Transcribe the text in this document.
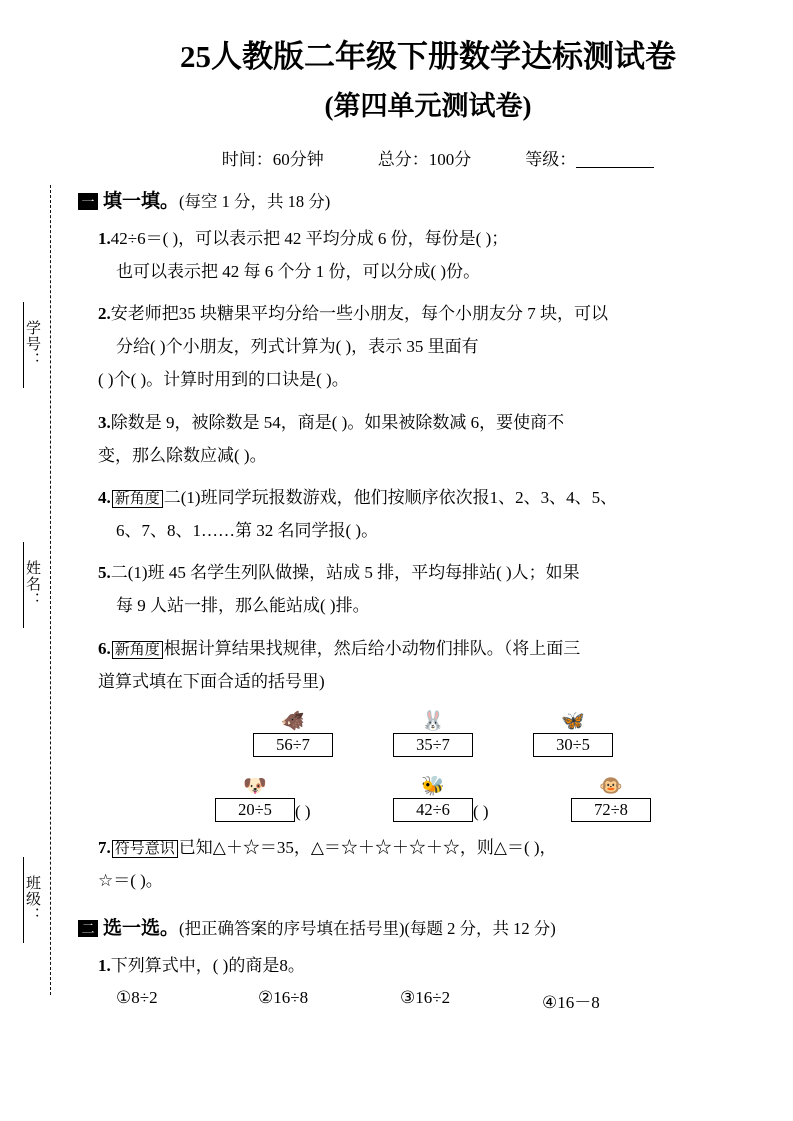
学号：
姓名：
班级：
25人教版二年级下册数学达标测试卷
(第四单元测试卷)
时间：60分钟	总分：100分	等级：
一 填一填。 (每空 1 分，共 18 分)
1.42÷6＝( )，可以表示把 42 平均分成 6 份，每份是( )；
也可以表示把 42 每 6 个分 1 份，可以分成( )份。
2.安老师把35 块糖果平均分给一些小朋友，每个小朋友分 7 块，可以
分给( )个小朋友，列式计算为( )，表示 35 里面有
( )个( )。计算时用到的口诀是( )。
3.除数是 9，被除数是 54，商是( )。如果被除数减 6，要使商不
变，那么除数应减( )。
4. 新角度 二(1)班同学玩报数游戏，他们按顺序依次报1、2、3、4、5、
6、7、8、1……第 32 名同学报( )。
5.二(1)班 45 名学生列队做操，站成 5 排，平均每排站( )人；如果
每 9 人站一排，那么能站成( )排。
6. 新角度 根据计算结果找规律，然后给小动物们排队。（将上面三
道算式填在下面合适的括号里)
🐗
56÷7
🐰
35÷7
🦋
30÷5
🐶
20÷5	( )
🐝
42÷6	( )
🐵
72÷8
7. 符号意识 已知△＋☆＝35，△＝☆＋☆＋☆＋☆，则△＝( )，
☆＝( )。
二 选一选。 (把正确答案的序号填在括号里)(每题 2 分，共 12 分)
1.下列算式中，( )的商是8。
①8÷2	②16÷8	③16÷2	④16－8
